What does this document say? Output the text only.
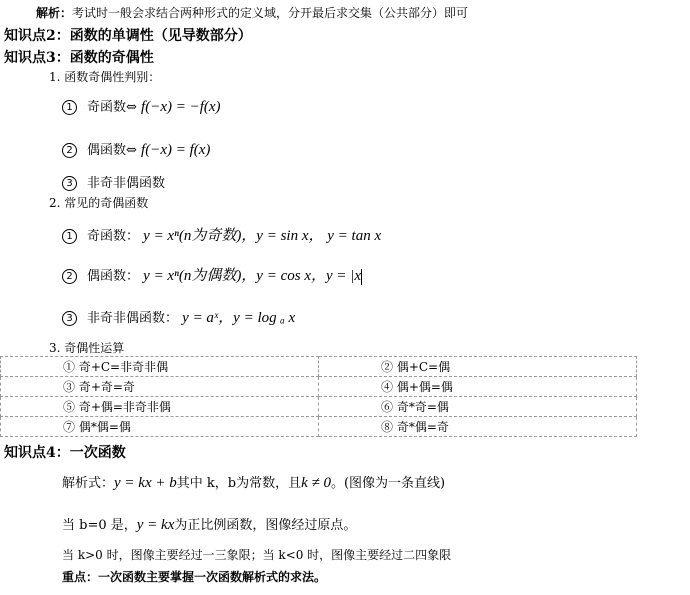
解析：考试时一般会求结合两种形式的定义域，分开最后求交集（公共部分）即可
知识点2：函数的单调性（见导数部分）
知识点3：函数的奇偶性
1. 函数奇偶性判别：
1 奇函数⇔ f(−x) = −f(x)
2 偶函数⇔ f(−x) = f(x)
3 非奇非偶函数
2. 常见的奇偶函数
1 奇函数： y = xⁿ(n为奇数)，y = sin x， y = tan x
2 偶函数： y = xⁿ(n为偶数)，y = cos x，y = |x
3 非奇非偶函数： y = aˣ，y = log ₐ x
3. 奇偶性运算
① 奇+C=非奇非偶	② 偶+C=偶
③ 奇+奇=奇	④ 偶+偶=偶
⑤ 奇+偶=非奇非偶	⑥ 奇*奇=偶
⑦ 偶*偶=偶	⑧ 奇*偶=奇
知识点4：一次函数
解析式：y = kx + b其中 k，b为常数，且k ≠ 0。(图像为一条直线)
当 b=0 是，y = kx为正比例函数，图像经过原点。
当 k>0 时，图像主要经过一三象限；当 k<0 时，图像主要经过二四象限
重点：一次函数主要掌握一次函数解析式的求法。
